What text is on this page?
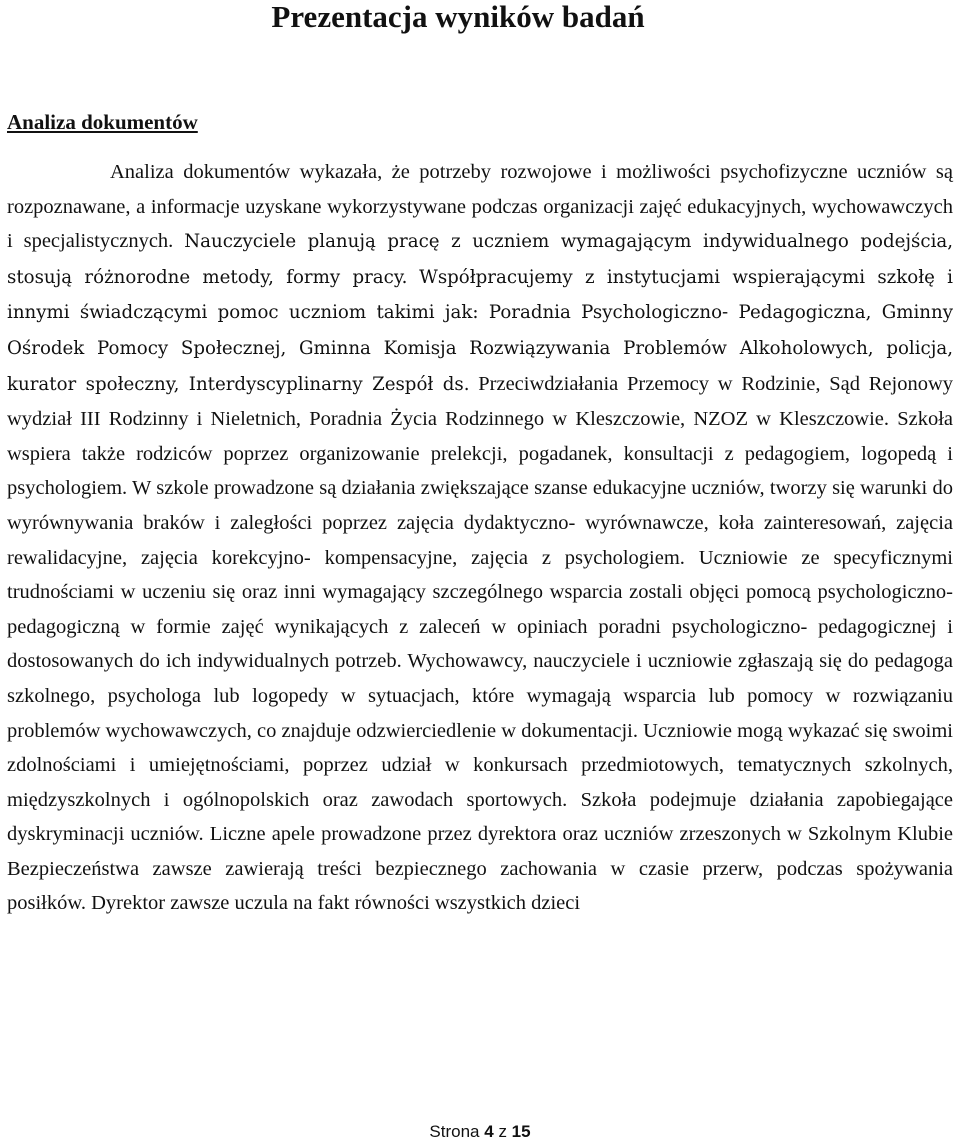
Prezentacja wyników badań
Analiza dokumentów

Analiza dokumentów wykazała, że potrzeby rozwojowe i możliwości psychofizyczne uczniów są rozpoznawane, a informacje uzyskane wykorzystywane podczas organizacji zajęć edukacyjnych, wychowawczych i specjalistycznych. Nauczyciele planują pracę z uczniem wymagającym indywidualnego podejścia, stosują różnorodne metody, formy pracy. Współpracujemy z instytucjami wspierającymi szkołę i innymi świadczącymi pomoc uczniom takimi jak: Poradnia Psychologiczno- Pedagogiczna, Gminny Ośrodek Pomocy Społecznej, Gminna Komisja Rozwiązywania Problemów Alkoholowych, policja, kurator społeczny, Interdyscyplinarny Zespół ds. Przeciwdziałania Przemocy w Rodzinie, Sąd Rejonowy wydział III Rodzinny i Nieletnich, Poradnia Życia Rodzinnego w Kleszczowie, NZOZ w Kleszczowie. Szkoła wspiera także rodziców poprzez organizowanie prelekcji, pogadanek, konsultacji z pedagogiem, logopedą i psychologiem. W szkole prowadzone są działania zwiększające szanse edukacyjne uczniów, tworzy się warunki do wyrównywania braków i zaległości poprzez zajęcia dydaktyczno- wyrównawcze, koła zainteresowań, zajęcia rewalidacyjne, zajęcia korekcyjno- kompensacyjne, zajęcia z psychologiem. Uczniowie ze specyficznymi trudnościami w uczeniu się oraz inni wymagający szczególnego wsparcia zostali objęci pomocą psychologiczno- pedagogiczną w formie zajęć wynikających z zaleceń w opiniach poradni psychologiczno- pedagogicznej i dostosowanych do ich indywidualnych potrzeb. Wychowawcy, nauczyciele i uczniowie zgłaszają się do pedagoga szkolnego, psychologa lub logopedy w sytuacjach, które wymagają wsparcia lub pomocy w rozwiązaniu problemów wychowawczych, co znajduje odzwierciedlenie w dokumentacji. Uczniowie mogą wykazać się swoimi zdolnościami i umiejętnościami, poprzez udział w konkursach przedmiotowych, tematycznych szkolnych, międzyszkolnych i ogólnopolskich oraz zawodach sportowych. Szkoła podejmuje działania zapobiegające dyskryminacji uczniów. Liczne apele prowadzone przez dyrektora oraz uczniów zrzeszonych w Szkolnym Klubie Bezpieczeństwa zawsze zawierają treści bezpiecznego zachowania w czasie przerw, podczas spożywania posiłków. Dyrektor zawsze uczula na fakt równości wszystkich dzieci

Strona 4 z 15
